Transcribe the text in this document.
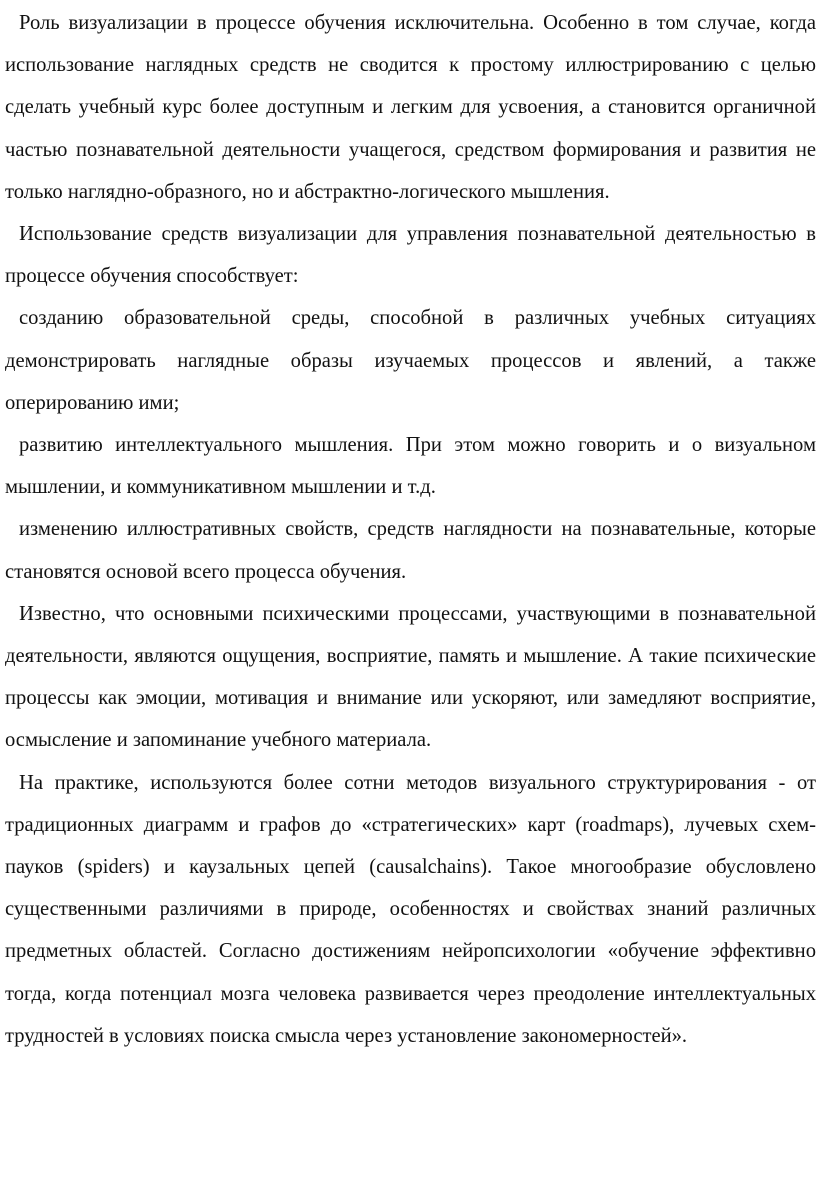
Роль визуализации в процессе обучения исключительна. Особенно в том случае, когда использование наглядных средств не сводится к простому иллюстрированию с целью сделать учебный курс более доступным и легким для усвоения, а становится органичной частью познавательной деятельности учащегося, средством формирования и развития не только наглядно-образного, но и абстрактно-логического мышления.

Использование средств визуализации для управления познавательной деятельностью в процессе обучения способствует:

созданию образовательной среды, способной в различных учебных ситуациях демонстрировать наглядные образы изучаемых процессов и явлений, а также оперированию ими;

развитию интеллектуального мышления. При этом можно говорить и о визуальном мышлении, и коммуникативном мышлении и т.д.

изменению иллюстративных свойств, средств наглядности на познавательные, которые становятся основой всего процесса обучения.

Известно, что основными психическими процессами, участвующими в познавательной деятельности, являются ощущения, восприятие, память и мышление. А такие психические процессы как эмоции, мотивация и внимание или ускоряют, или замедляют восприятие, осмысление и запоминание учебного материала.

На практике, используются более сотни методов визуального структурирования - от традиционных диаграмм и графов до «стратегических» карт (roadmaps), лучевых схем-пауков (spiders) и каузальных цепей (causalchains). Такое многообразие обусловлено существенными различиями в природе, особенностях и свойствах знаний различных предметных областей. Согласно достижениям нейропсихологии «обучение эффективно тогда, когда потенциал мозга человека развивается через преодоление интеллектуальных трудностей в условиях поиска смысла через установление закономерностей».
